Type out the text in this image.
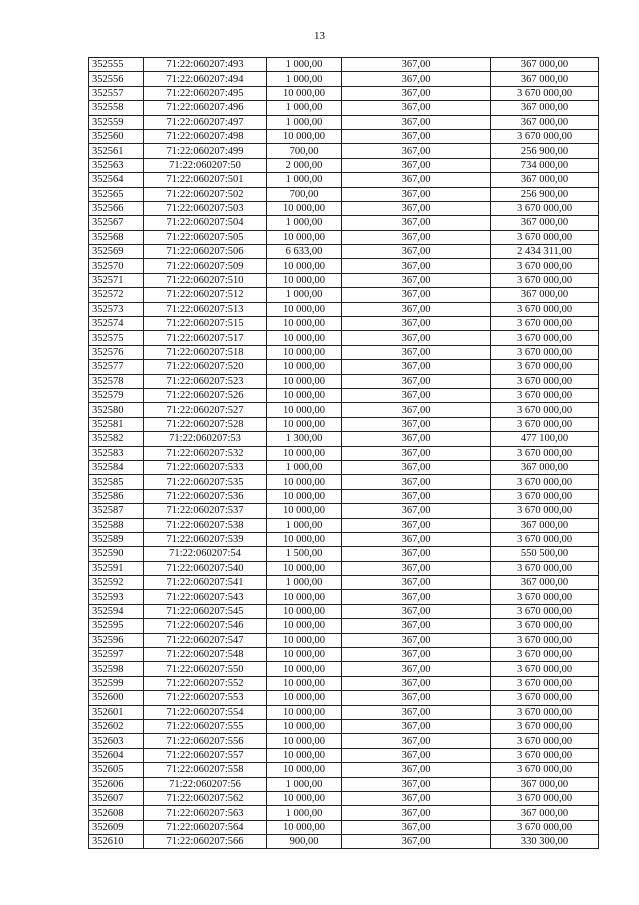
13
352555	71:22:060207:493	1 000,00	367,00	367 000,00
352556	71:22:060207:494	1 000,00	367,00	367 000,00
352557	71:22:060207:495	10 000,00	367,00	3 670 000,00
352558	71:22:060207:496	1 000,00	367,00	367 000,00
352559	71:22:060207:497	1 000,00	367,00	367 000,00
352560	71:22:060207:498	10 000,00	367,00	3 670 000,00
352561	71:22:060207:499	700,00	367,00	256 900,00
352563	71:22:060207:50	2 000,00	367,00	734 000,00
352564	71:22:060207:501	1 000,00	367,00	367 000,00
352565	71:22:060207:502	700,00	367,00	256 900,00
352566	71:22:060207:503	10 000,00	367,00	3 670 000,00
352567	71:22:060207:504	1 000,00	367,00	367 000,00
352568	71:22:060207:505	10 000,00	367,00	3 670 000,00
352569	71:22:060207:506	6 633,00	367,00	2 434 311,00
352570	71:22:060207:509	10 000,00	367,00	3 670 000,00
352571	71:22:060207:510	10 000,00	367,00	3 670 000,00
352572	71:22:060207:512	1 000,00	367,00	367 000,00
352573	71:22:060207:513	10 000,00	367,00	3 670 000,00
352574	71:22:060207:515	10 000,00	367,00	3 670 000,00
352575	71:22:060207:517	10 000,00	367,00	3 670 000,00
352576	71:22:060207:518	10 000,00	367,00	3 670 000,00
352577	71:22:060207:520	10 000,00	367,00	3 670 000,00
352578	71:22:060207:523	10 000,00	367,00	3 670 000,00
352579	71:22:060207:526	10 000,00	367,00	3 670 000,00
352580	71:22:060207:527	10 000,00	367,00	3 670 000,00
352581	71:22:060207:528	10 000,00	367,00	3 670 000,00
352582	71:22:060207:53	1 300,00	367,00	477 100,00
352583	71:22:060207:532	10 000,00	367,00	3 670 000,00
352584	71:22:060207:533	1 000,00	367,00	367 000,00
352585	71:22:060207:535	10 000,00	367,00	3 670 000,00
352586	71:22:060207:536	10 000,00	367,00	3 670 000,00
352587	71:22:060207:537	10 000,00	367,00	3 670 000,00
352588	71:22:060207:538	1 000,00	367,00	367 000,00
352589	71:22:060207:539	10 000,00	367,00	3 670 000,00
352590	71:22:060207:54	1 500,00	367,00	550 500,00
352591	71:22:060207:540	10 000,00	367,00	3 670 000,00
352592	71:22:060207:541	1 000,00	367,00	367 000,00
352593	71:22:060207:543	10 000,00	367,00	3 670 000,00
352594	71:22:060207:545	10 000,00	367,00	3 670 000,00
352595	71:22:060207:546	10 000,00	367,00	3 670 000,00
352596	71:22:060207:547	10 000,00	367,00	3 670 000,00
352597	71:22:060207:548	10 000,00	367,00	3 670 000,00
352598	71:22:060207:550	10 000,00	367,00	3 670 000,00
352599	71:22:060207:552	10 000,00	367,00	3 670 000,00
352600	71:22:060207:553	10 000,00	367,00	3 670 000,00
352601	71:22:060207:554	10 000,00	367,00	3 670 000,00
352602	71:22:060207:555	10 000,00	367,00	3 670 000,00
352603	71:22:060207:556	10 000,00	367,00	3 670 000,00
352604	71:22:060207:557	10 000,00	367,00	3 670 000,00
352605	71:22:060207:558	10 000,00	367,00	3 670 000,00
352606	71:22:060207:56	1 000,00	367,00	367 000,00
352607	71:22:060207:562	10 000,00	367,00	3 670 000,00
352608	71:22:060207:563	1 000,00	367,00	367 000,00
352609	71:22:060207:564	10 000,00	367,00	3 670 000,00
352610	71:22:060207:566	900,00	367,00	330 300,00
